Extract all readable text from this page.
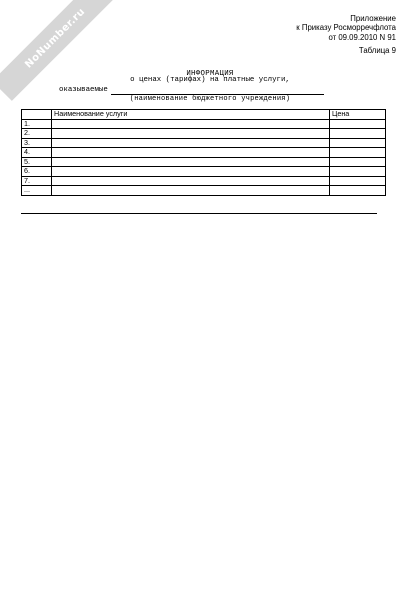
NoNumber.ru	Приложение
к Приказу Росморречфлота
от 09.09.2010 N 91
Таблица 9
ИНФОРМАЦИЯ
о ценах (тарифах) на платные услуги,
оказываемые
(наименование бюджетного учреждения)
	Наименование услуги	Цена
1.		
2.		
3.		
4.		
5.		
6.		
7.		
...		
